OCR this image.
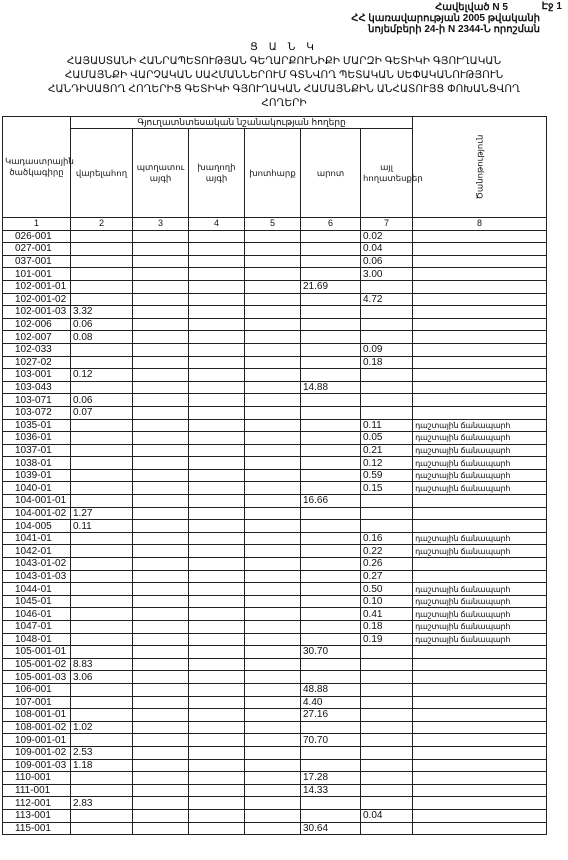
Էջ 1
Հավելված N 5
ՀՀ կառավարության 2005 թվականի
նոյեմբերի 24-ի N 2344-Ն որոշման
Ց Ա Ն Կ
ՀԱՅԱՍՏԱՆԻ ՀԱՆՐԱՊԵՏՈՒԹՅԱՆ ԳԵՂԱՐՔՈՒՆԻՔԻ ՄԱՐԶԻ ԳԵՏԻԿԻ ԳՅՈՒՂԱԿԱՆ
ՀԱՄԱՅՆՔԻ ՎԱՐՉԱԿԱՆ ՍԱՀՄԱՆՆԵՐՈՒՄ ԳՏՆՎՈՂ ՊԵՏԱԿԱՆ ՍԵՓԱԿԱՆՈՒԹՅՈՒՆ
ՀԱՆԴԻՍԱՑՈՂ ՀՈՂԵՐԻՑ ԳԵՏԻԿԻ ԳՅՈՒՂԱԿԱՆ ՀԱՄԱՅՆՔԻՆ ԱՆՀԱՏՈՒՅՑ ՓՈԽԱՆՑՎՈՂ
ՀՈՂԵՐԻ
Կադաստրային ծածկագիրը	Գյուղատնտեսական նշանակության հողերը						Ծանոթություն

	վարելահող	պտղատու այգի	խաղողի այգի	խոտհարք	արոտ	այլ հողատեսքեր	
1	2	3	4	5	6	7	8
026-001						0.02	
027-001						0.04	
037-001						0.06	
101-001						3.00	
102-001-01					21.69		
102-001-02						4.72	
102-001-03	3.32						
102-006	0.06						
102-007	0.08						
102-033						0.09	
1027-02						0.18	
103-001	0.12						
103-043					14.88		
103-071	0.06						
103-072	0.07						
1035-01						0.11	դաշտային ճանապարհ
1036-01						0.05	դաշտային ճանապարհ
1037-01						0.21	դաշտային ճանապարհ
1038-01						0.12	դաշտային ճանապարհ
1039-01						0.59	դաշտային ճանապարհ
1040-01						0.15	դաշտային ճանապարհ
104-001-01					16.66		
104-001-02	1.27						
104-005	0.11						
1041-01						0.16	դաշտային ճանապարհ
1042-01						0.22	դաշտային ճանապարհ
1043-01-02						0.26	
1043-01-03						0.27	
1044-01						0.50	դաշտային ճանապարհ
1045-01						0.10	դաշտային ճանապարհ
1046-01						0.41	դաշտային ճանապարհ
1047-01						0.18	դաշտային ճանապարհ
1048-01						0.19	դաշտային ճանապարհ
105-001-01					30.70		
105-001-02	8.83						
105-001-03	3.06						
106-001					48.88		
107-001					4.40		
108-001-01					27.16		
108-001-02	1.02						
109-001-01					70.70		
109-001-02	2.53						
109-001-03	1.18						
110-001					17.28		
111-001					14.33		
112-001	2.83						
113-001						0.04	
115-001					30.64		
